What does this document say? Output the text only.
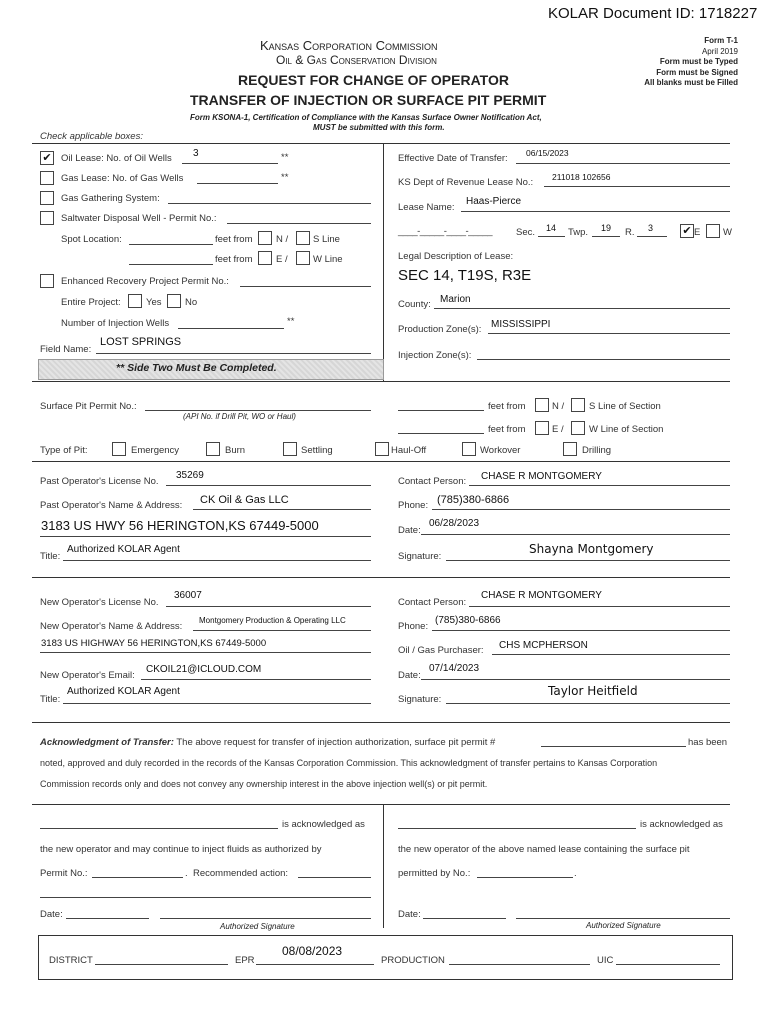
KOLAR Document ID: 1718227
Kansas Corporation Commission
Oil & Gas Conservation Division
REQUEST FOR CHANGE OF OPERATOR
TRANSFER OF INJECTION OR SURFACE PIT PERMIT
Form KSONA-1, Certification of Compliance with the Kansas Surface Owner Notification Act,
MUST be submitted with this form.
Form T-1
April 2019
Form must be Typed
Form must be Signed
All blanks must be Filled
Check applicable boxes:
✔ Oil Lease: No. of Oil Wells 3	**
Gas Lease: No. of Gas Wells	**
Gas Gathering System:
Saltwater Disposal Well - Permit No.:
Spot Location:	feet from N /	S Line
feet from E /	W Line
Enhanced Recovery Project Permit No.:
Entire Project:	Yes No
Number of Injection Wells	**
Field Name:
LOST SPRINGS
** Side Two Must Be Completed.
Effective Date of Transfer: 06/15/2023
KS Dept of Revenue Lease No.: 211018 102656
Lease Name:
Haas-Pierce
____-_____-____-_____	Sec. 14 Twp. 19 R. 3	✔ E W
Legal Description of Lease:
SEC 14, T19S, R3E
County: Marion
Production Zone(s): MISSISSIPPI
Injection Zone(s):
Surface Pit Permit No.:
(API No. if Drill Pit, WO or Haul)
feet from	N /	S Line of Section
feet from	E /	W Line of Section
Type of Pit:	Emergency	Burn	Settling	Haul-Off	Workover	Drilling
Past Operator's License No.
35269
Past Operator's Name & Address: CK Oil & Gas LLC
3183 US HWY 56 HERINGTON,KS 67449-5000
Title:
Authorized KOLAR Agent
Contact Person: CHASE R MONTGOMERY
Phone: (785)380-6866
Date:
06/28/2023
Signature:
Shayna Montgomery
New Operator's License No.
36007
New Operator's Name & Address:
Montgomery Production & Operating LLC
3183 US HIGHWAY 56 HERINGTON,KS 67449-5000
New Operator's Email:
CKOIL21@ICLOUD.COM
Title:
Authorized KOLAR Agent
Contact Person:
CHASE R MONTGOMERY
Phone:
(785)380-6866
Oil / Gas Purchaser: CHS MCPHERSON
Date:
07/14/2023
Signature:
Taylor Heitfield
Acknowledgment of Transfer: The above request for transfer of injection authorization, surface pit permit #	has been
noted, approved and duly recorded in the records of the Kansas Corporation Commission. This acknowledgment of transfer pertains to Kansas Corporation
Commission records only and does not convey any ownership interest in the above injection well(s) or pit permit.
is acknowledged as
the new operator and may continue to inject fluids as authorized by
Permit No.:	. Recommended action:
Date:
Authorized Signature
is acknowledged as
the new operator of the above named lease containing the surface pit
permitted by No.:	.
Date:
Authorized Signature
DISTRICT	EPR
08/08/2023
PRODUCTION	UIC
